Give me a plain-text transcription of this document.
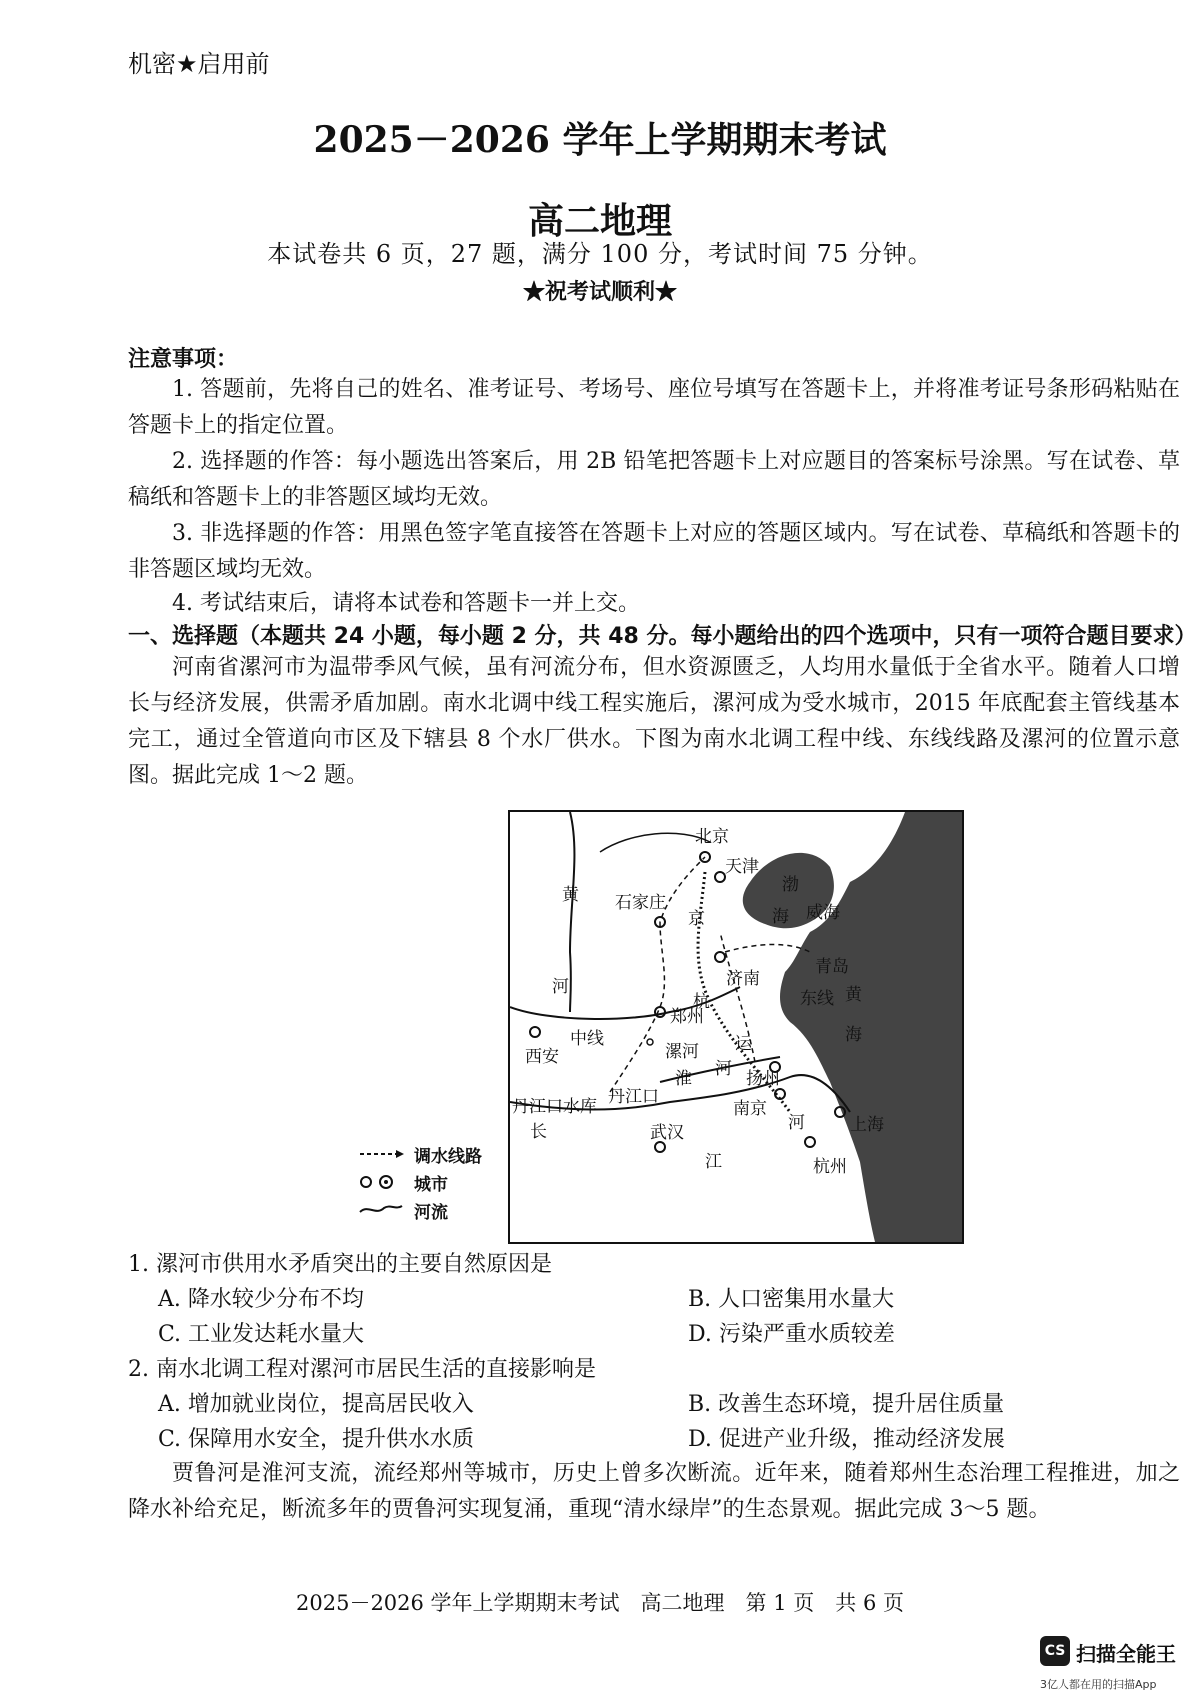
机密★启用前
2025－2026 学年上学期期末考试
高二地理
本试卷共 6 页，27 题，满分 100 分，考试时间 75 分钟。
★祝考试顺利★
注意事项：
1. 答题前，先将自己的姓名、准考证号、考场号、座位号填写在答题卡上，并将准考证号条形码粘贴在答题卡上的指定位置。
2. 选择题的作答：每小题选出答案后，用 2B 铅笔把答题卡上对应题目的答案标号涂黑。写在试卷、草稿纸和答题卡上的非答题区域均无效。
3. 非选择题的作答：用黑色签字笔直接答在答题卡上对应的答题区域内。写在试卷、草稿纸和答题卡的非答题区域均无效。
4. 考试结束后，请将本试卷和答题卡一并上交。
一、选择题（本题共 24 小题，每小题 2 分，共 48 分。每小题给出的四个选项中，只有一项符合题目要求）
河南省漯河市为温带季风气候，虽有河流分布，但水资源匮乏，人均用水量低于全省水平。随着人口增长与经济发展，供需矛盾加剧。南水北调中线工程实施后，漯河成为受水城市，2015 年底配套主管线基本完工，通过全管道向市区及下辖县 8 个水厂供水。下图为南水北调工程中线、东线线路及漯河的位置示意图。据此完成 1～2 题。
北京
天津
渤
海 威海
石家庄
京
济南
青岛
东线 黄
海
杭
运
黄
河
郑州
中线
西安	漯河
淮 河 扬州
丹江口水库 丹江口
南京
河	上海
长	武汉
江	杭州
调水线路
城市
河流
1. 漯河市供用水矛盾突出的主要自然原因是
A. 降水较少分布不均	B. 人口密集用水量大
C. 工业发达耗水量大	D. 污染严重水质较差
2. 南水北调工程对漯河市居民生活的直接影响是
A. 增加就业岗位，提高居民收入	B. 改善生态环境，提升居住质量
C. 保障用水安全，提升供水水质	D. 促进产业升级，推动经济发展
贾鲁河是淮河支流，流经郑州等城市，历史上曾多次断流。近年来，随着郑州生态治理工程推进，加之降水补给充足，断流多年的贾鲁河实现复涌，重现“清水绿岸”的生态景观。据此完成 3～5 题。
2025－2026 学年上学期期末考试　高二地理　第 1 页　共 6 页
CS 扫描全能王
3亿人都在用的扫描App
